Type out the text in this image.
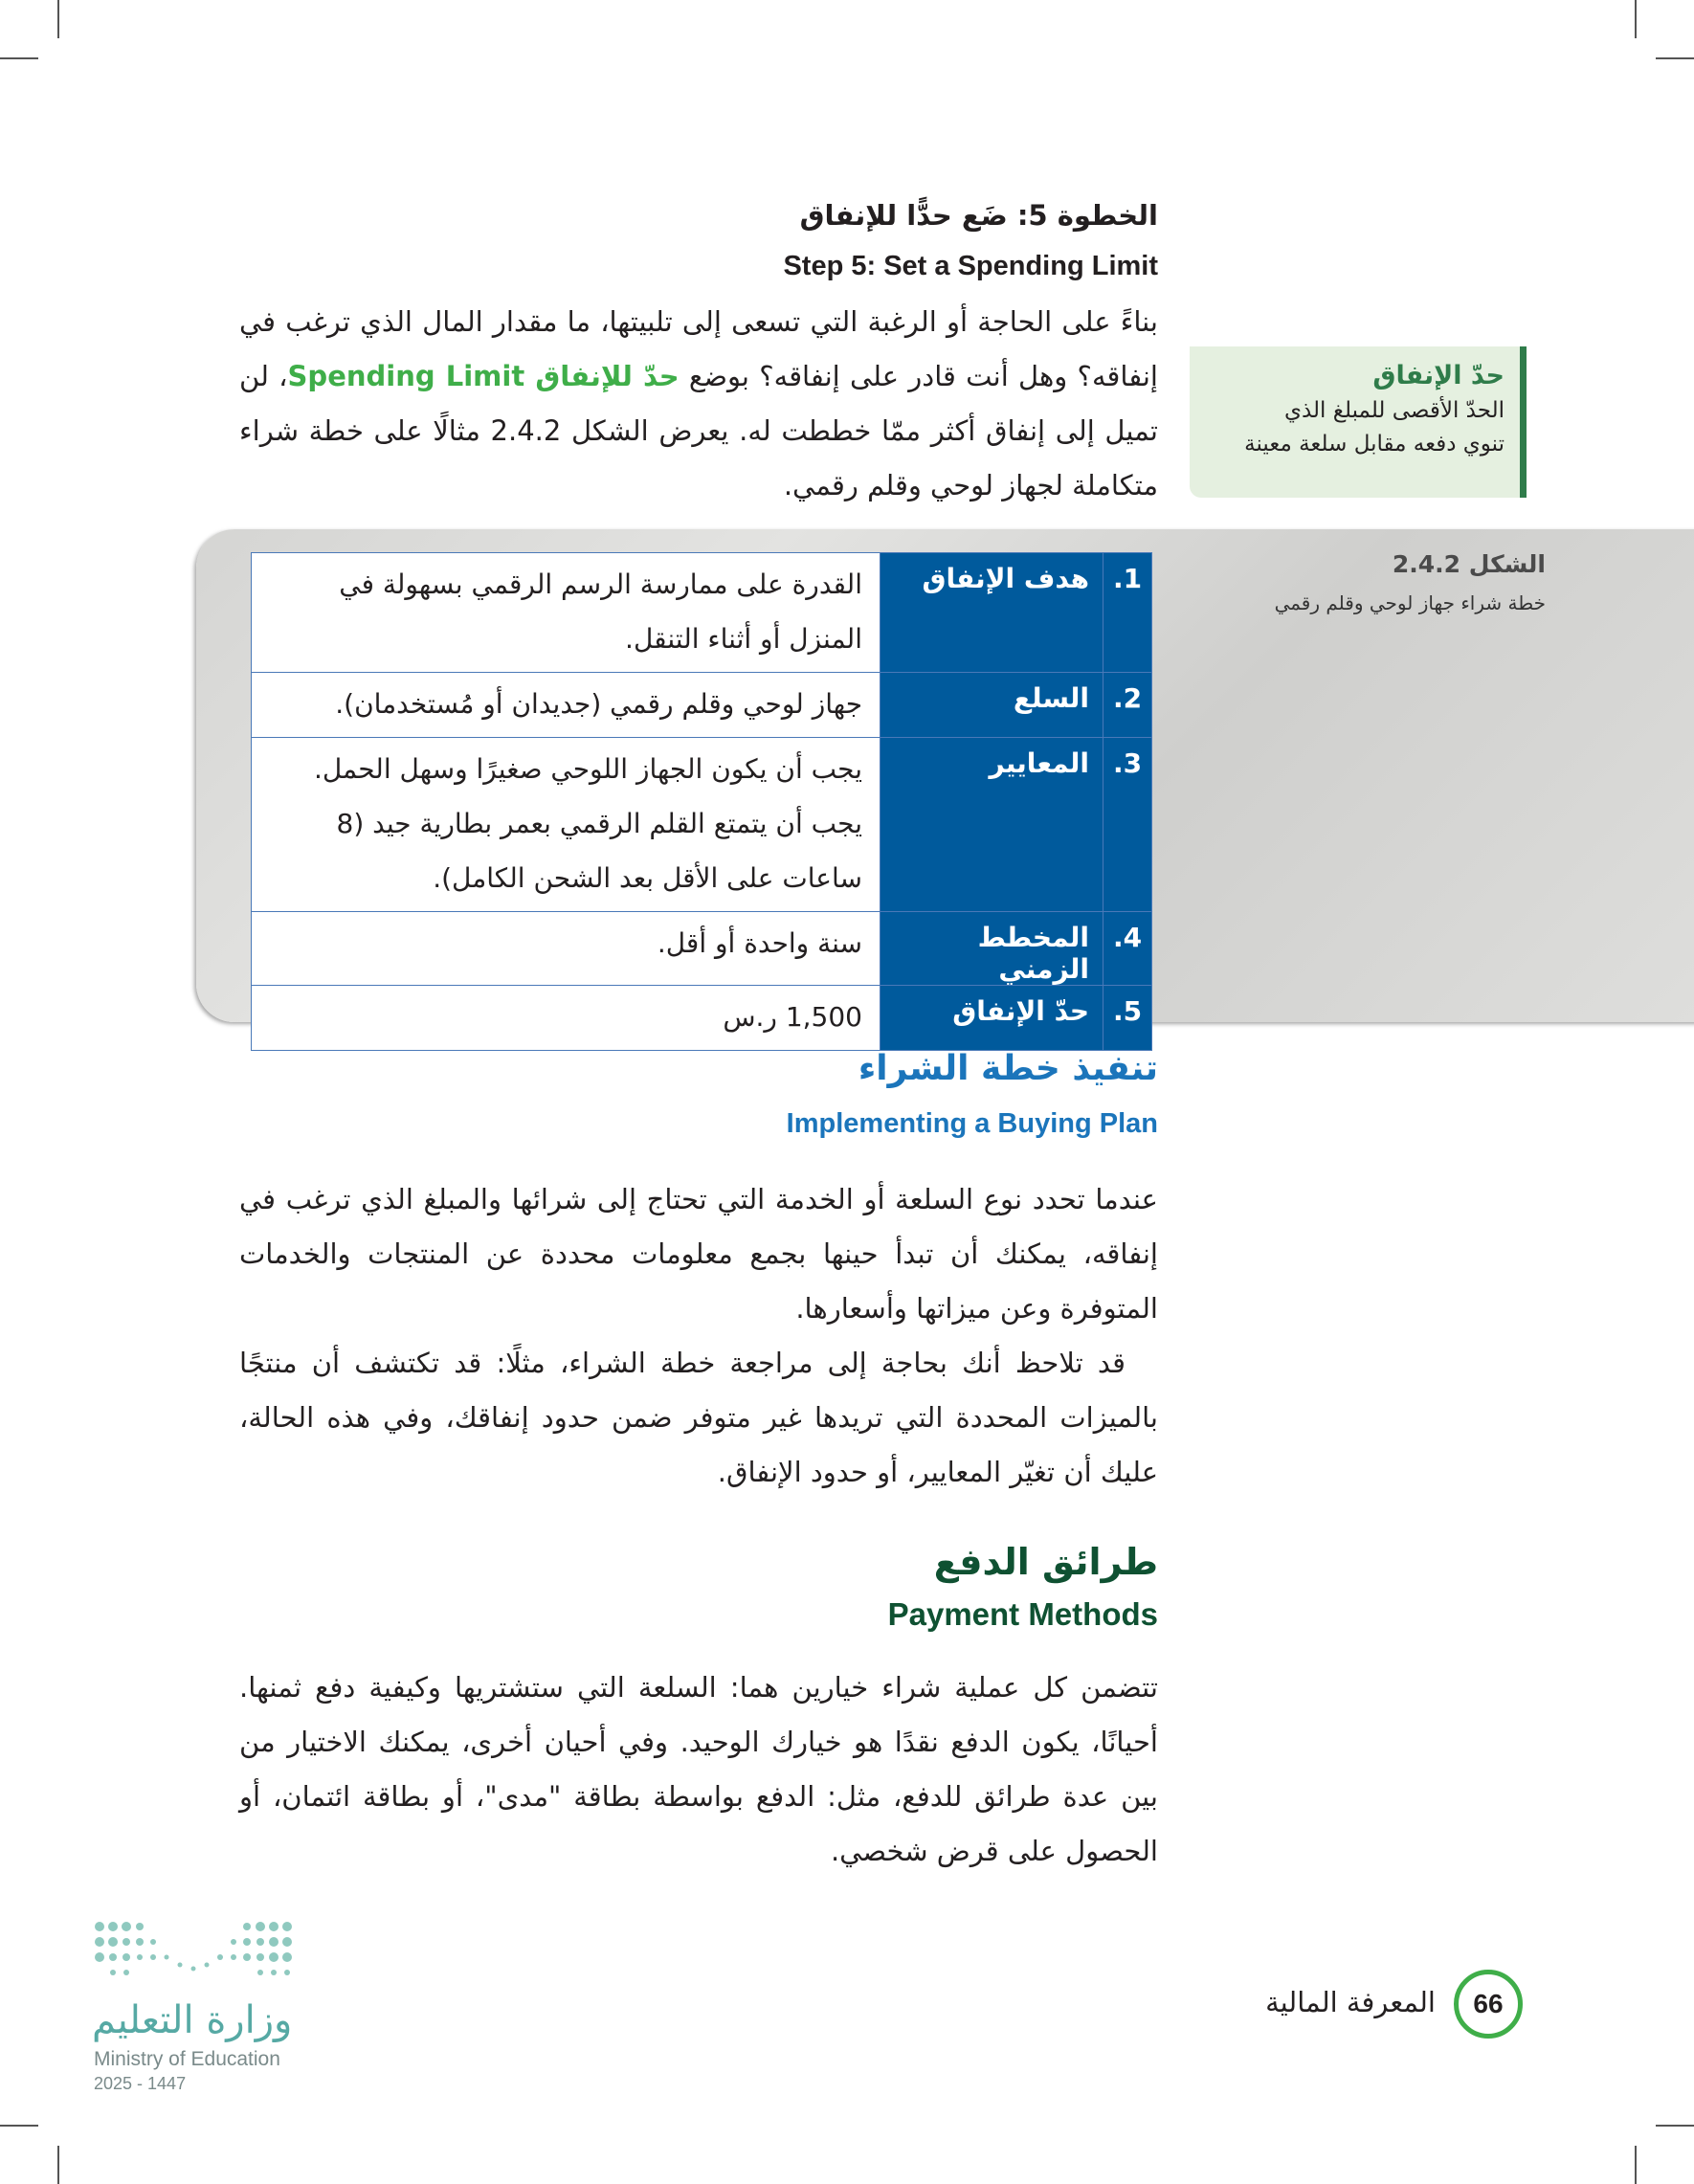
الخطوة 5: ضَع حدًّا للإنفاق
Step 5: Set a Spending Limit
بناءً على الحاجة أو الرغبة التي تسعى إلى تلبيتها، ما مقدار المال الذي ترغب في إنفاقه؟ وهل أنت قادر على إنفاقه؟ بوضع حدّ للإنفاق Spending Limit، لن تميل إلى إنفاق أكثر ممّا خططت له. يعرض الشكل 2.4.2 مثالًا على خطة شراء متكاملة لجهاز لوحي وقلم رقمي.
حدّ الإنفاق
الحدّ الأقصى للمبلغ الذي
تنوي دفعه مقابل سلعة معينة
الشكل 2.4.2
خطة شراء جهاز لوحي وقلم رقمي
1.	هدف الإنفاق	القدرة على ممارسة الرسم الرقمي بسهولة في المنزل أو أثناء التنقل.
2.	السلع	جهاز لوحي وقلم رقمي (جديدان أو مُستخدمان).
3.	المعايير	يجب أن يكون الجهاز اللوحي صغيرًا وسهل الحمل. يجب أن يتمتع القلم الرقمي بعمر بطارية جيد (8 ساعات على الأقل بعد الشحن الكامل).
4.	المخطط الزمني	سنة واحدة أو أقل.
5.	حدّ الإنفاق	1,500 ر.س
تنفيذ خطة الشراء
Implementing a Buying Plan
عندما تحدد نوع السلعة أو الخدمة التي تحتاج إلى شرائها والمبلغ الذي ترغب في إنفاقه، يمكنك أن تبدأ حينها بجمع معلومات محددة عن المنتجات والخدمات المتوفرة وعن ميزاتها وأسعارها.
قد تلاحظ أنك بحاجة إلى مراجعة خطة الشراء، مثلًا: قد تكتشف أن منتجًا بالميزات المحددة التي تريدها غير متوفر ضمن حدود إنفاقك، وفي هذه الحالة، عليك أن تغيّر المعايير، أو حدود الإنفاق.
طرائق الدفع
Payment Methods
تتضمن كل عملية شراء خيارين هما: السلعة التي ستشتريها وكيفية دفع ثمنها. أحيانًا، يكون الدفع نقدًا هو خيارك الوحيد. وفي أحيان أخرى، يمكنك الاختيار من بين عدة طرائق للدفع، مثل: الدفع بواسطة بطاقة "مدى"، أو بطاقة ائتمان، أو الحصول على قرض شخصي.
وزارة التعليم
Ministry of Education
2025 - 1447
66
المعرفة المالية
